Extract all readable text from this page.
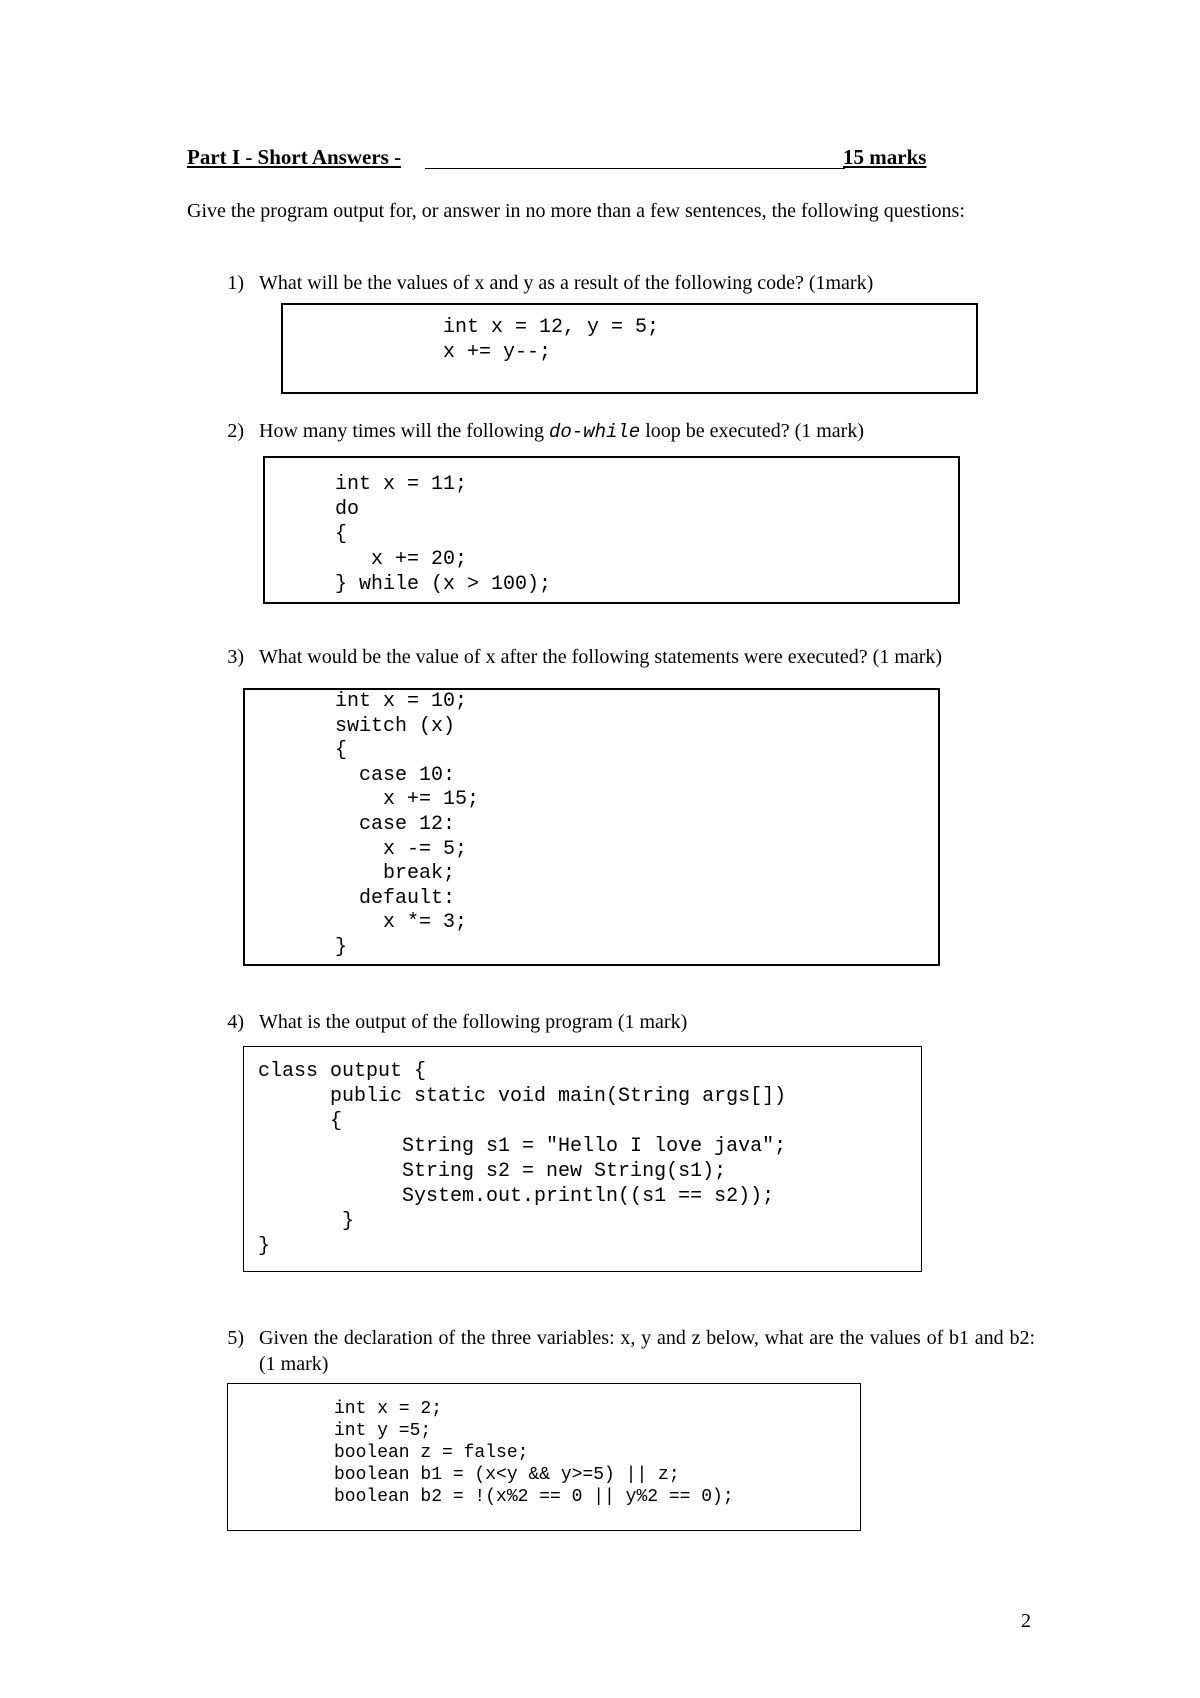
Part I - Short Answers -	15 marks
Give the program output for, or answer in no more than a few sentences, the following questions:
1) What will be the values of x and y as a result of the following code? (1mark)
int x = 12, y = 5;
x += y--;
2) How many times will the following do-while loop be executed? (1 mark)
int x = 11;
do
{
x += 20;
} while (x > 100);
3) What would be the value of x after the following statements were executed? (1 mark)
int x = 10;
switch (x)
{
case 10:
x += 15;
case 12:
x -= 5;
break;
default:
x *= 3;
}
4) What is the output of the following program (1 mark)
class output {
public static void main(String args[])
{
String s1 = "Hello I love java";
String s2 = new String(s1);
System.out.println((s1 == s2));
}
}
5) Given the declaration of the three variables: x, y and z below, what are the values of b1 and b2: (1 mark)
int x = 2;
int y =5;
boolean z = false;
boolean b1 = (x<y && y>=5) || z;
boolean b2 = !(x%2 == 0 || y%2 == 0);
2
